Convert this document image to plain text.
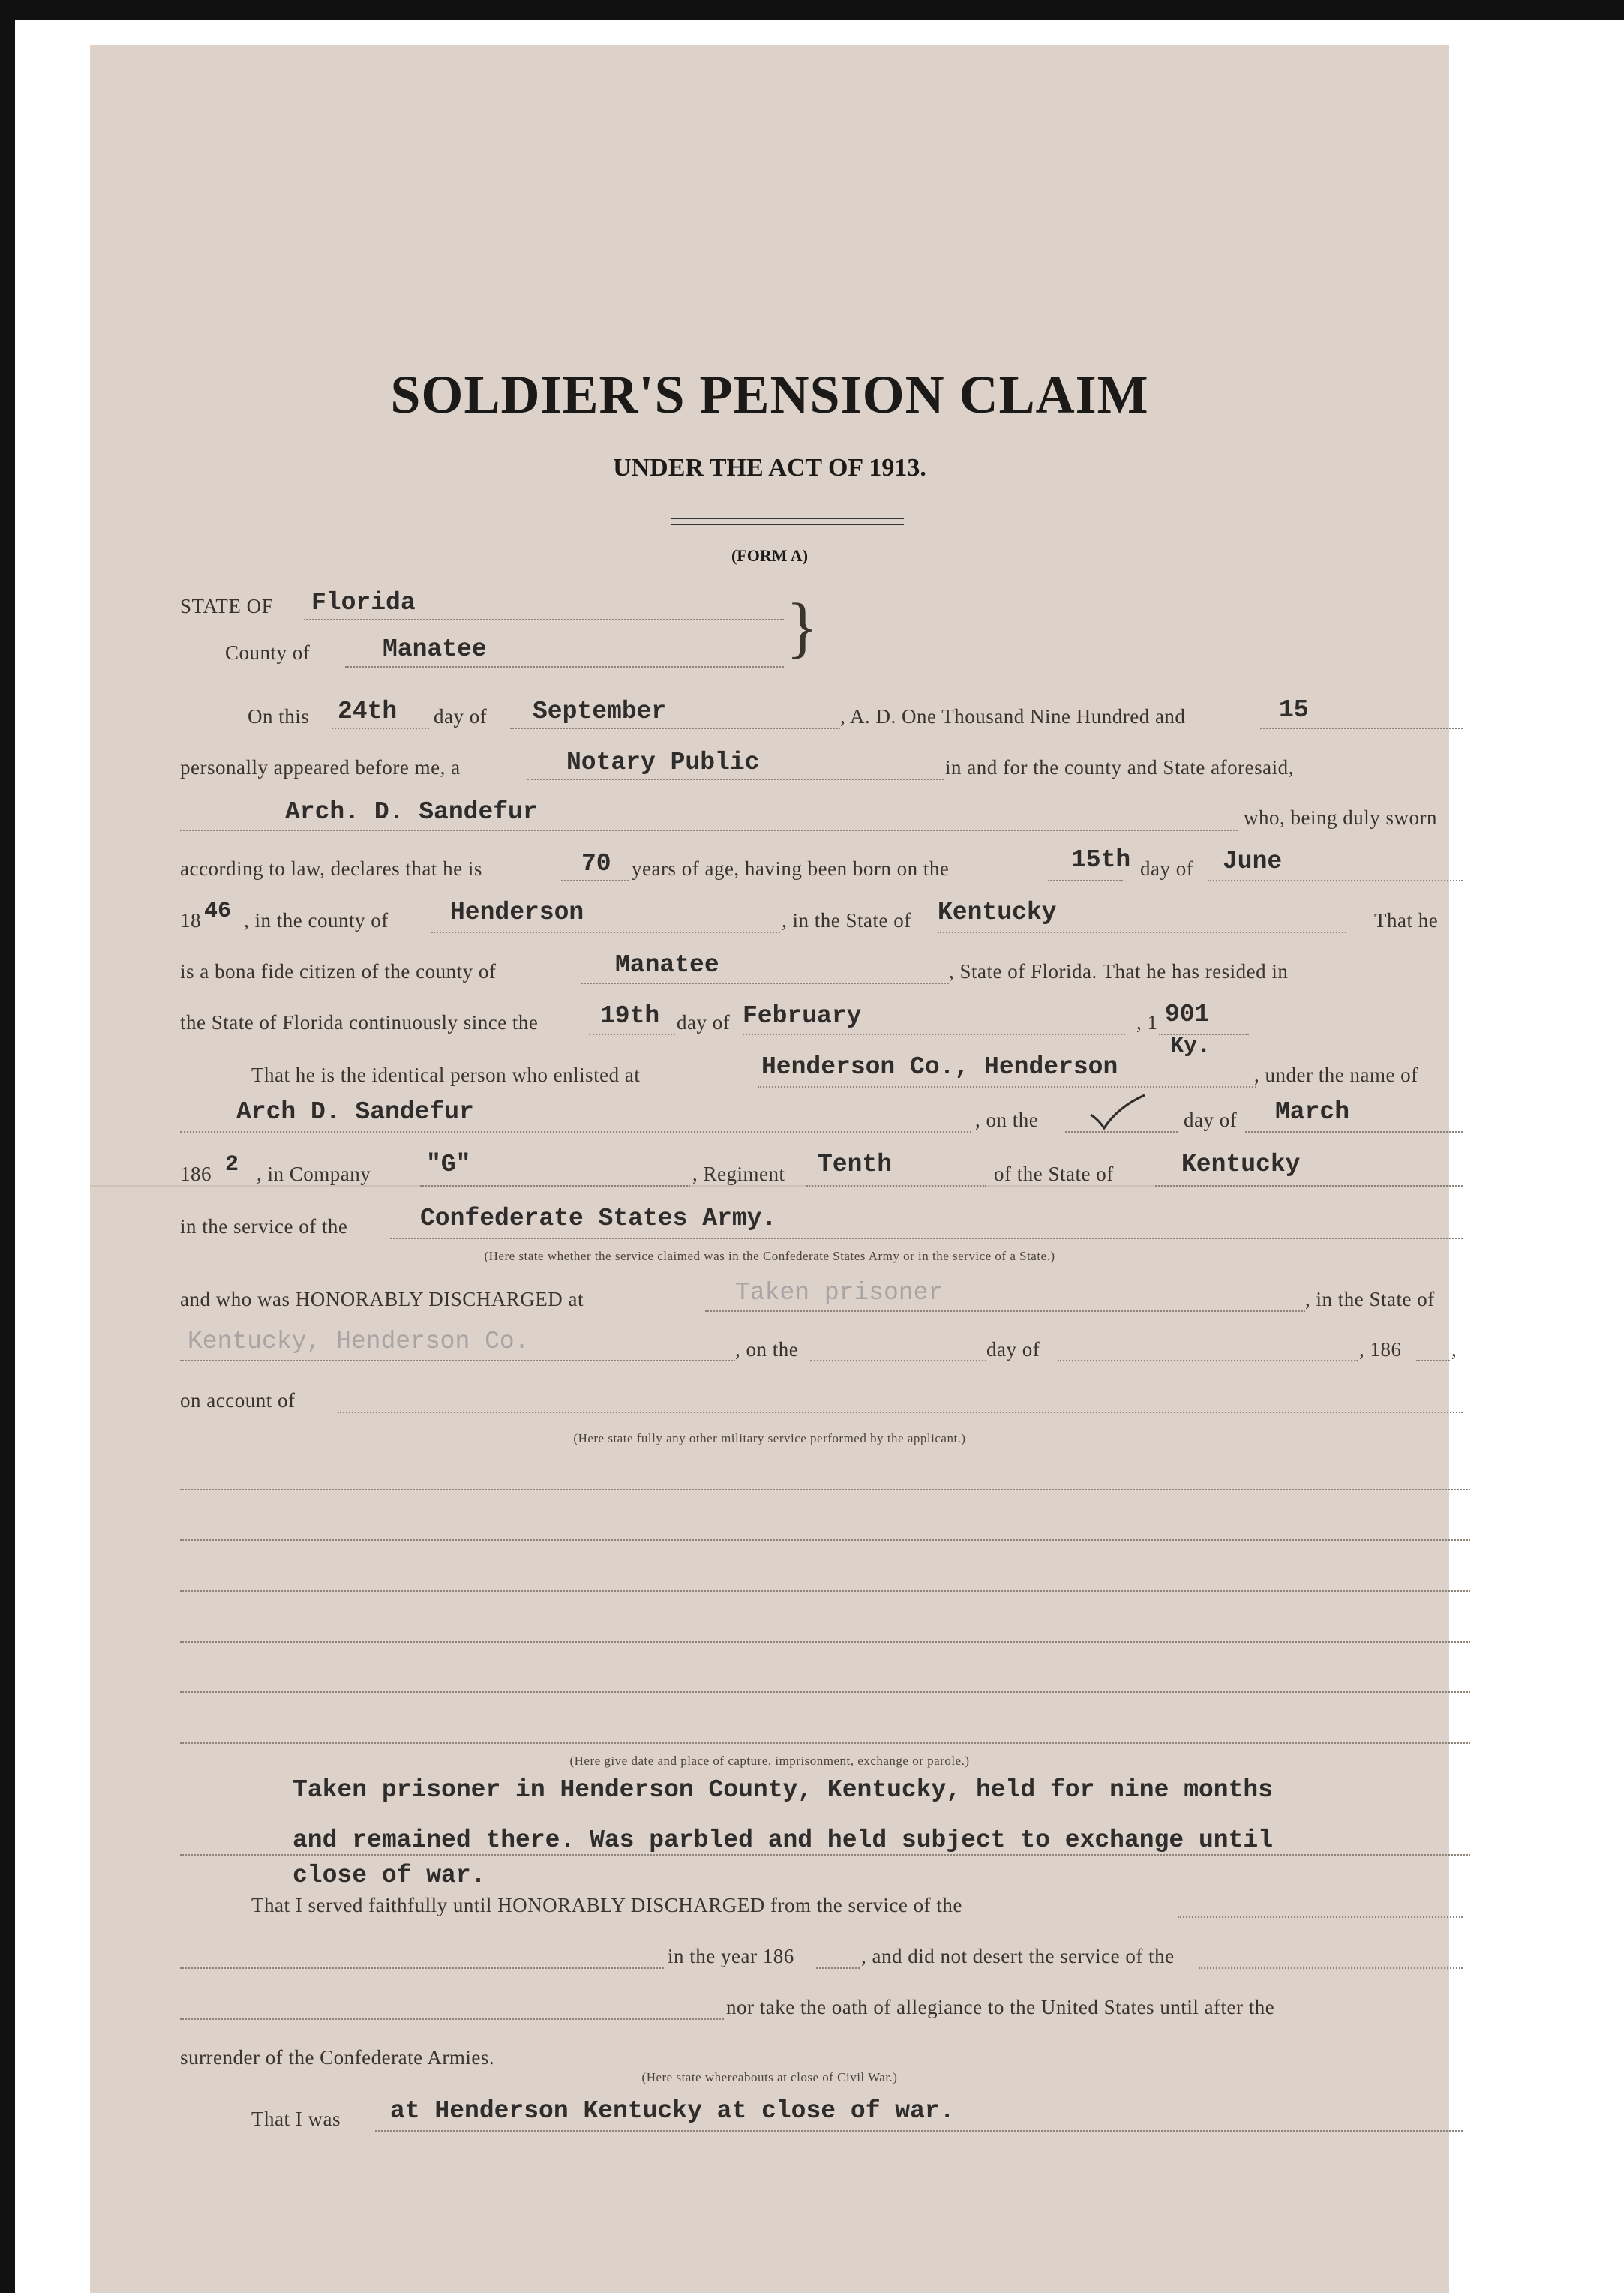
SOLDIER'S PENSION CLAIM
UNDER THE ACT OF 1913.
(FORM A)
STATE OF Florida
County of	Manatee	}
On this 24th day of September	, A. D. One Thousand Nine Hundred and	15
personally appeared before me, a	Notary Public	in and for the county and State aforesaid,
Arch. D. Sandefur	who, being duly sworn
according to law, declares that he is	70 years of age, having been born on the	15th day of June
18 46 , in the county of Henderson	, in the State of Kentucky	That he
is a bona fide citizen of the county of	Manatee	, State of Florida. That he has resided in
the State of Florida continuously since the	19th day of February	, 1 901
That he is the identical person who enlisted at	Henderson Co., Henderson
Ky.
, under the name of
Arch D. Sandefur	, on the	day of March
186 2 , in Company "G"	, Regiment Tenth	of the State of	Kentucky
in the service of the	Confederate States Army.
(Here state whether the service claimed was in the Confederate States Army or in the service of a State.)
and who was HONORABLY DISCHARGED at	Taken prisoner	, in the State of
Kentucky, Henderson Co.	, on the	day of	, 186 ,
on account of
(Here state fully any other military service performed by the applicant.)
(Here give date and place of capture, imprisonment, exchange or parole.)
Taken prisoner in Henderson County, Kentucky, held for nine months
and remained there. Was parbled and held subject to exchange until
close of war.
That I served faithfully until HONORABLY DISCHARGED from the service of the
in the year 186	, and did not desert the service of the
nor take the oath of allegiance to the United States until after the
surrender of the Confederate Armies.
(Here state whereabouts at close of Civil War.)
That I was at Henderson Kentucky at close of war.
